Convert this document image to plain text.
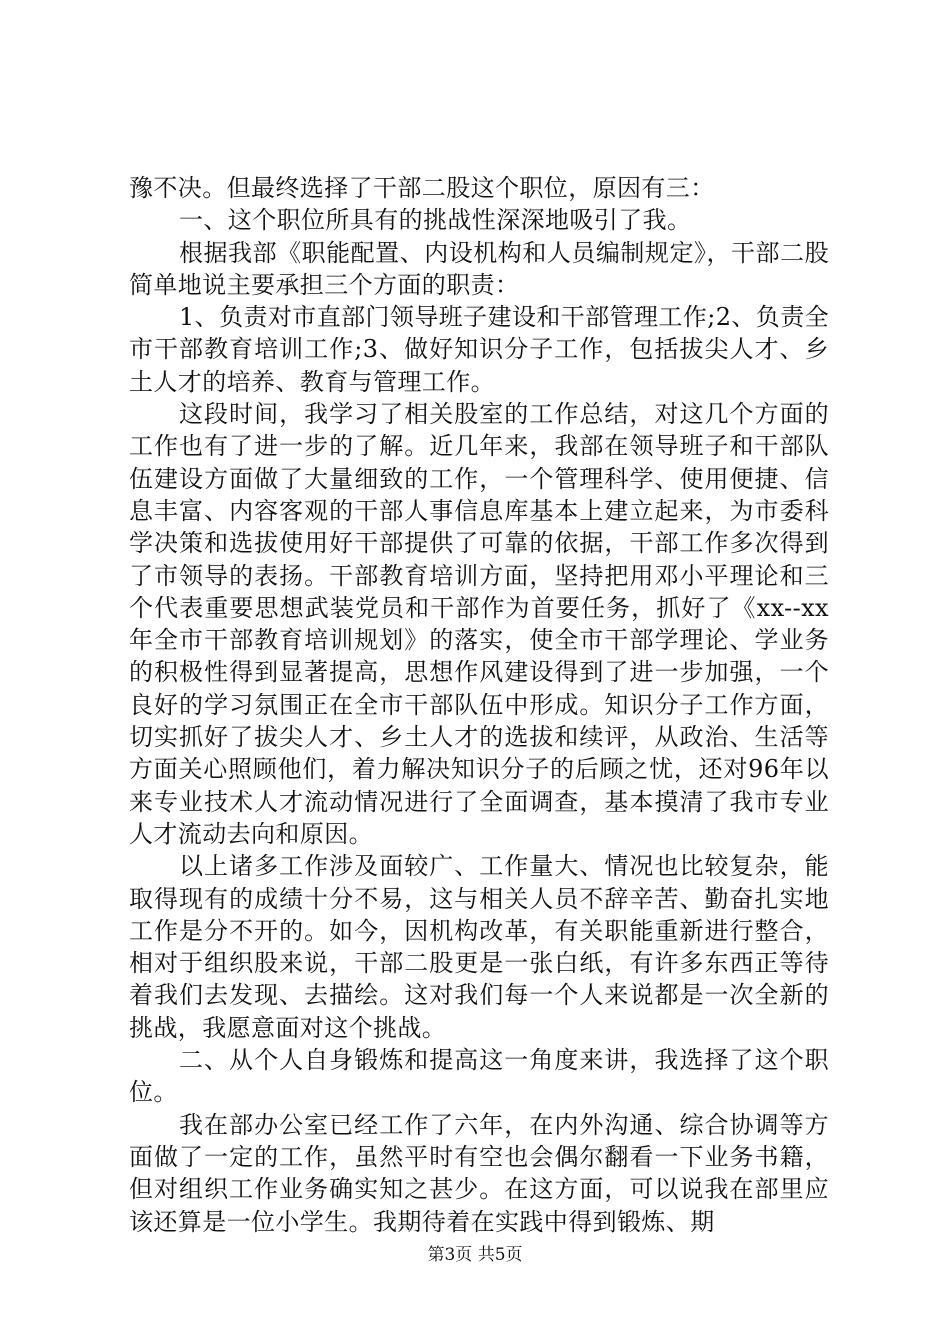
豫不决。但最终选择了干部二股这个职位，原因有三：

一、这个职位所具有的挑战性深深地吸引了我。

根据我部《职能配置、内设机构和人员编制规定》，干部二股简单地说主要承担三个方面的职责：

1、负责对市直部门领导班子建设和干部管理工作;2、负责全市干部教育培训工作;3、做好知识分子工作，包括拔尖人才、乡土人才的培养、教育与管理工作。

这段时间，我学习了相关股室的工作总结，对这几个方面的工作也有了进一步的了解。近几年来，我部在领导班子和干部队伍建设方面做了大量细致的工作，一个管理科学、使用便捷、信息丰富、内容客观的干部人事信息库基本上建立起来，为市委科学决策和选拔使用好干部提供了可靠的依据，干部工作多次得到了市领导的表扬。干部教育培训方面，坚持把用邓小平理论和三个代表重要思想武装党员和干部作为首要任务，抓好了《xx--xx年全市干部教育培训规划》的落实，使全市干部学理论、学业务的积极性得到显著提高，思想作风建设得到了进一步加强，一个良好的学习氛围正在全市干部队伍中形成。知识分子工作方面，切实抓好了拔尖人才、乡土人才的选拔和续评，从政治、生活等方面关心照顾他们，着力解决知识分子的后顾之忧，还对96年以来专业技术人才流动情况进行了全面调查，基本摸清了我市专业人才流动去向和原因。

以上诸多工作涉及面较广、工作量大、情况也比较复杂，能取得现有的成绩十分不易，这与相关人员不辞辛苦、勤奋扎实地工作是分不开的。如今，因机构改革，有关职能重新进行整合，相对于组织股来说，干部二股更是一张白纸，有许多东西正等待着我们去发现、去描绘。这对我们每一个人来说都是一次全新的挑战，我愿意面对这个挑战。

二、从个人自身锻炼和提高这一角度来讲，我选择了这个职位。

我在部办公室已经工作了六年，在内外沟通、综合协调等方面做了一定的工作，虽然平时有空也会偶尔翻看一下业务书籍，但对组织工作业务确实知之甚少。在这方面，可以说我在部里应该还算是一位小学生。我期待着在实践中得到锻炼、期

第3页 共5页
